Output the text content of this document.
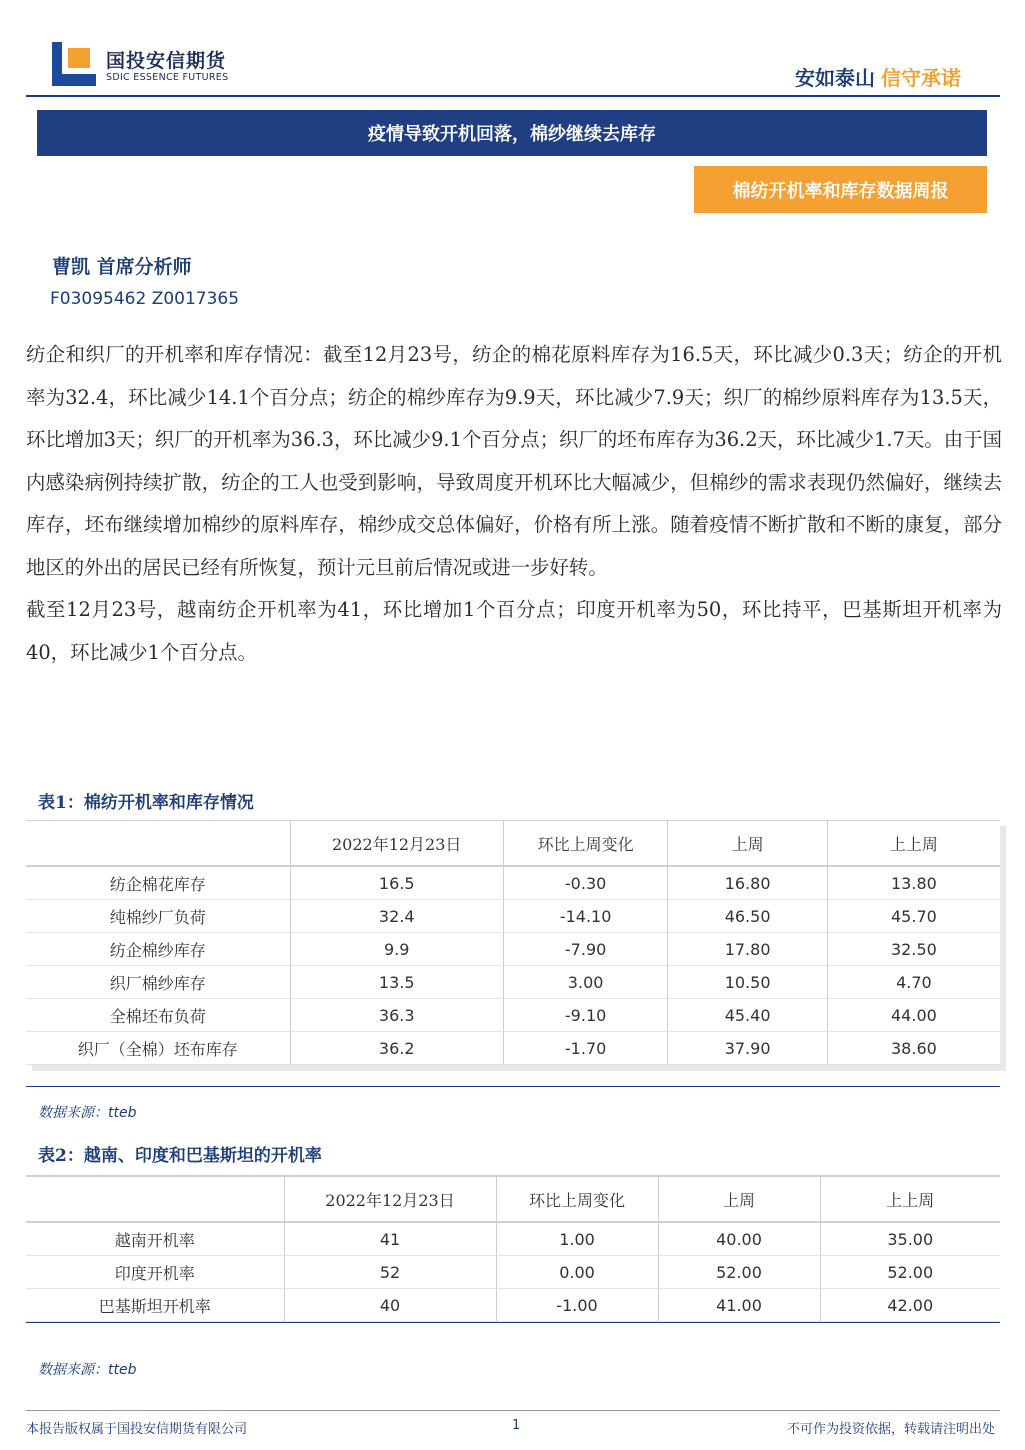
国投安信期货
SDIC ESSENCE FUTURES	安如泰山 信守承诺
疫情导致开机回落，棉纱继续去库存
棉纺开机率和库存数据周报
曹凯 首席分析师
F03095462 Z0017365

纺企和织厂的开机率和库存情况：截至12月23号，纺企的棉花原料库存为16.5天，环比减少0.3天；纺企的开机率为32.4，环比减少14.1个百分点；纺企的棉纱库存为9.9天，环比减少7.9天；织厂的棉纱原料库存为13.5天，环比增加3天；织厂的开机率为36.3，环比减少9.1个百分点；织厂的坯布库存为36.2天，环比减少1.7天。由于国内感染病例持续扩散，纺企的工人也受到影响，导致周度开机环比大幅减少，但棉纱的需求表现仍然偏好，继续去库存，坯布继续增加棉纱的原料库存，棉纱成交总体偏好，价格有所上涨。随着疫情不断扩散和不断的康复，部分地区的外出的居民已经有所恢复，预计元旦前后情况或进一步好转。

截至12月23号，越南纺企开机率为41，环比增加1个百分点；印度开机率为50，环比持平，巴基斯坦开机率为40，环比减少1个百分点。

表1：棉纺开机率和库存情况
	2022年12月23日	环比上周变化	上周	上上周
纺企棉花库存	16.5	-0.30	16.80	13.80
纯棉纱厂负荷	32.4	-14.10	46.50	45.70
纺企棉纱库存	9.9	-7.90	17.80	32.50
织厂棉纱库存	13.5	3.00	10.50	4.70
全棉坯布负荷	36.3	-9.10	45.40	44.00
织厂（全棉）坯布库存	36.2	-1.70	37.90	38.60
数据来源：tteb
表2：越南、印度和巴基斯坦的开机率
	2022年12月23日	环比上周变化	上周	上上周
越南开机率	41	1.00	40.00	35.00
印度开机率	52	0.00	52.00	52.00
巴基斯坦开机率	40	-1.00	41.00	42.00
数据来源：tteb
本报告版权属于国投安信期货有限公司	1	不可作为投资依据，转载请注明出处
